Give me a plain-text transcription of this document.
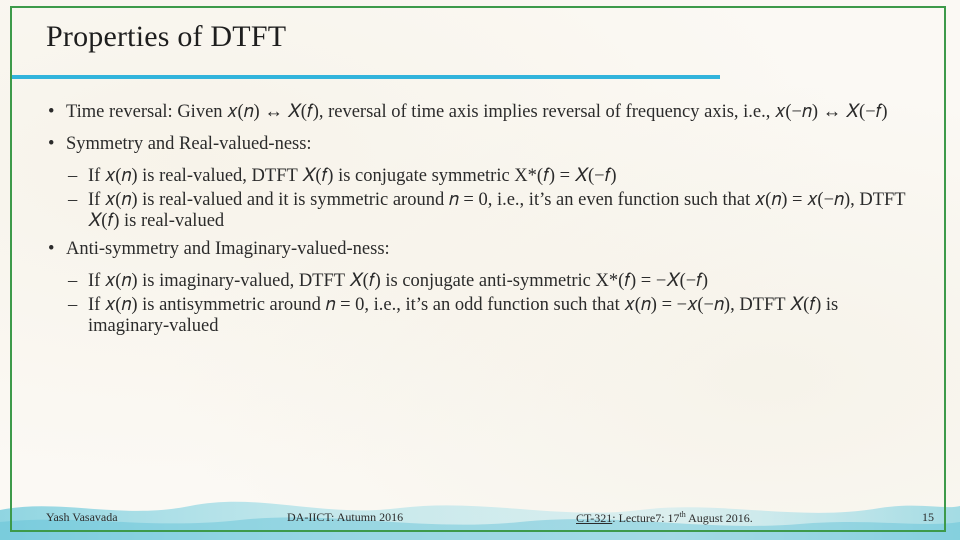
Properties of DTFT
• Time reversal: Given 𝑥(𝑛) ↔ 𝑋(𝑓), reversal of time axis implies reversal of frequency axis, i.e., 𝑥(−𝑛) ↔ 𝑋(−𝑓)
• Symmetry and Real-valued-ness:
– If 𝑥(𝑛) is real-valued, DTFT 𝑋(𝑓) is conjugate symmetric X*(𝑓) = 𝑋(−𝑓)
– If 𝑥(𝑛) is real-valued and it is symmetric around 𝑛 = 0, i.e., it’s an even function such that 𝑥(𝑛) = 𝑥(−𝑛), DTFT 𝑋(𝑓) is real-valued
• Anti-symmetry and Imaginary-valued-ness:
– If 𝑥(𝑛) is imaginary-valued, DTFT 𝑋(𝑓) is conjugate anti-symmetric X*(𝑓) = −𝑋(−𝑓)
– If 𝑥(𝑛) is antisymmetric around 𝑛 = 0, i.e., it’s an odd function such that 𝑥(𝑛) = −𝑥(−𝑛), DTFT 𝑋(𝑓) is imaginary-valued
Yash Vasavada	DA-IICT: Autumn 2016	CT-321: Lecture7: 17th August 2016.	15
